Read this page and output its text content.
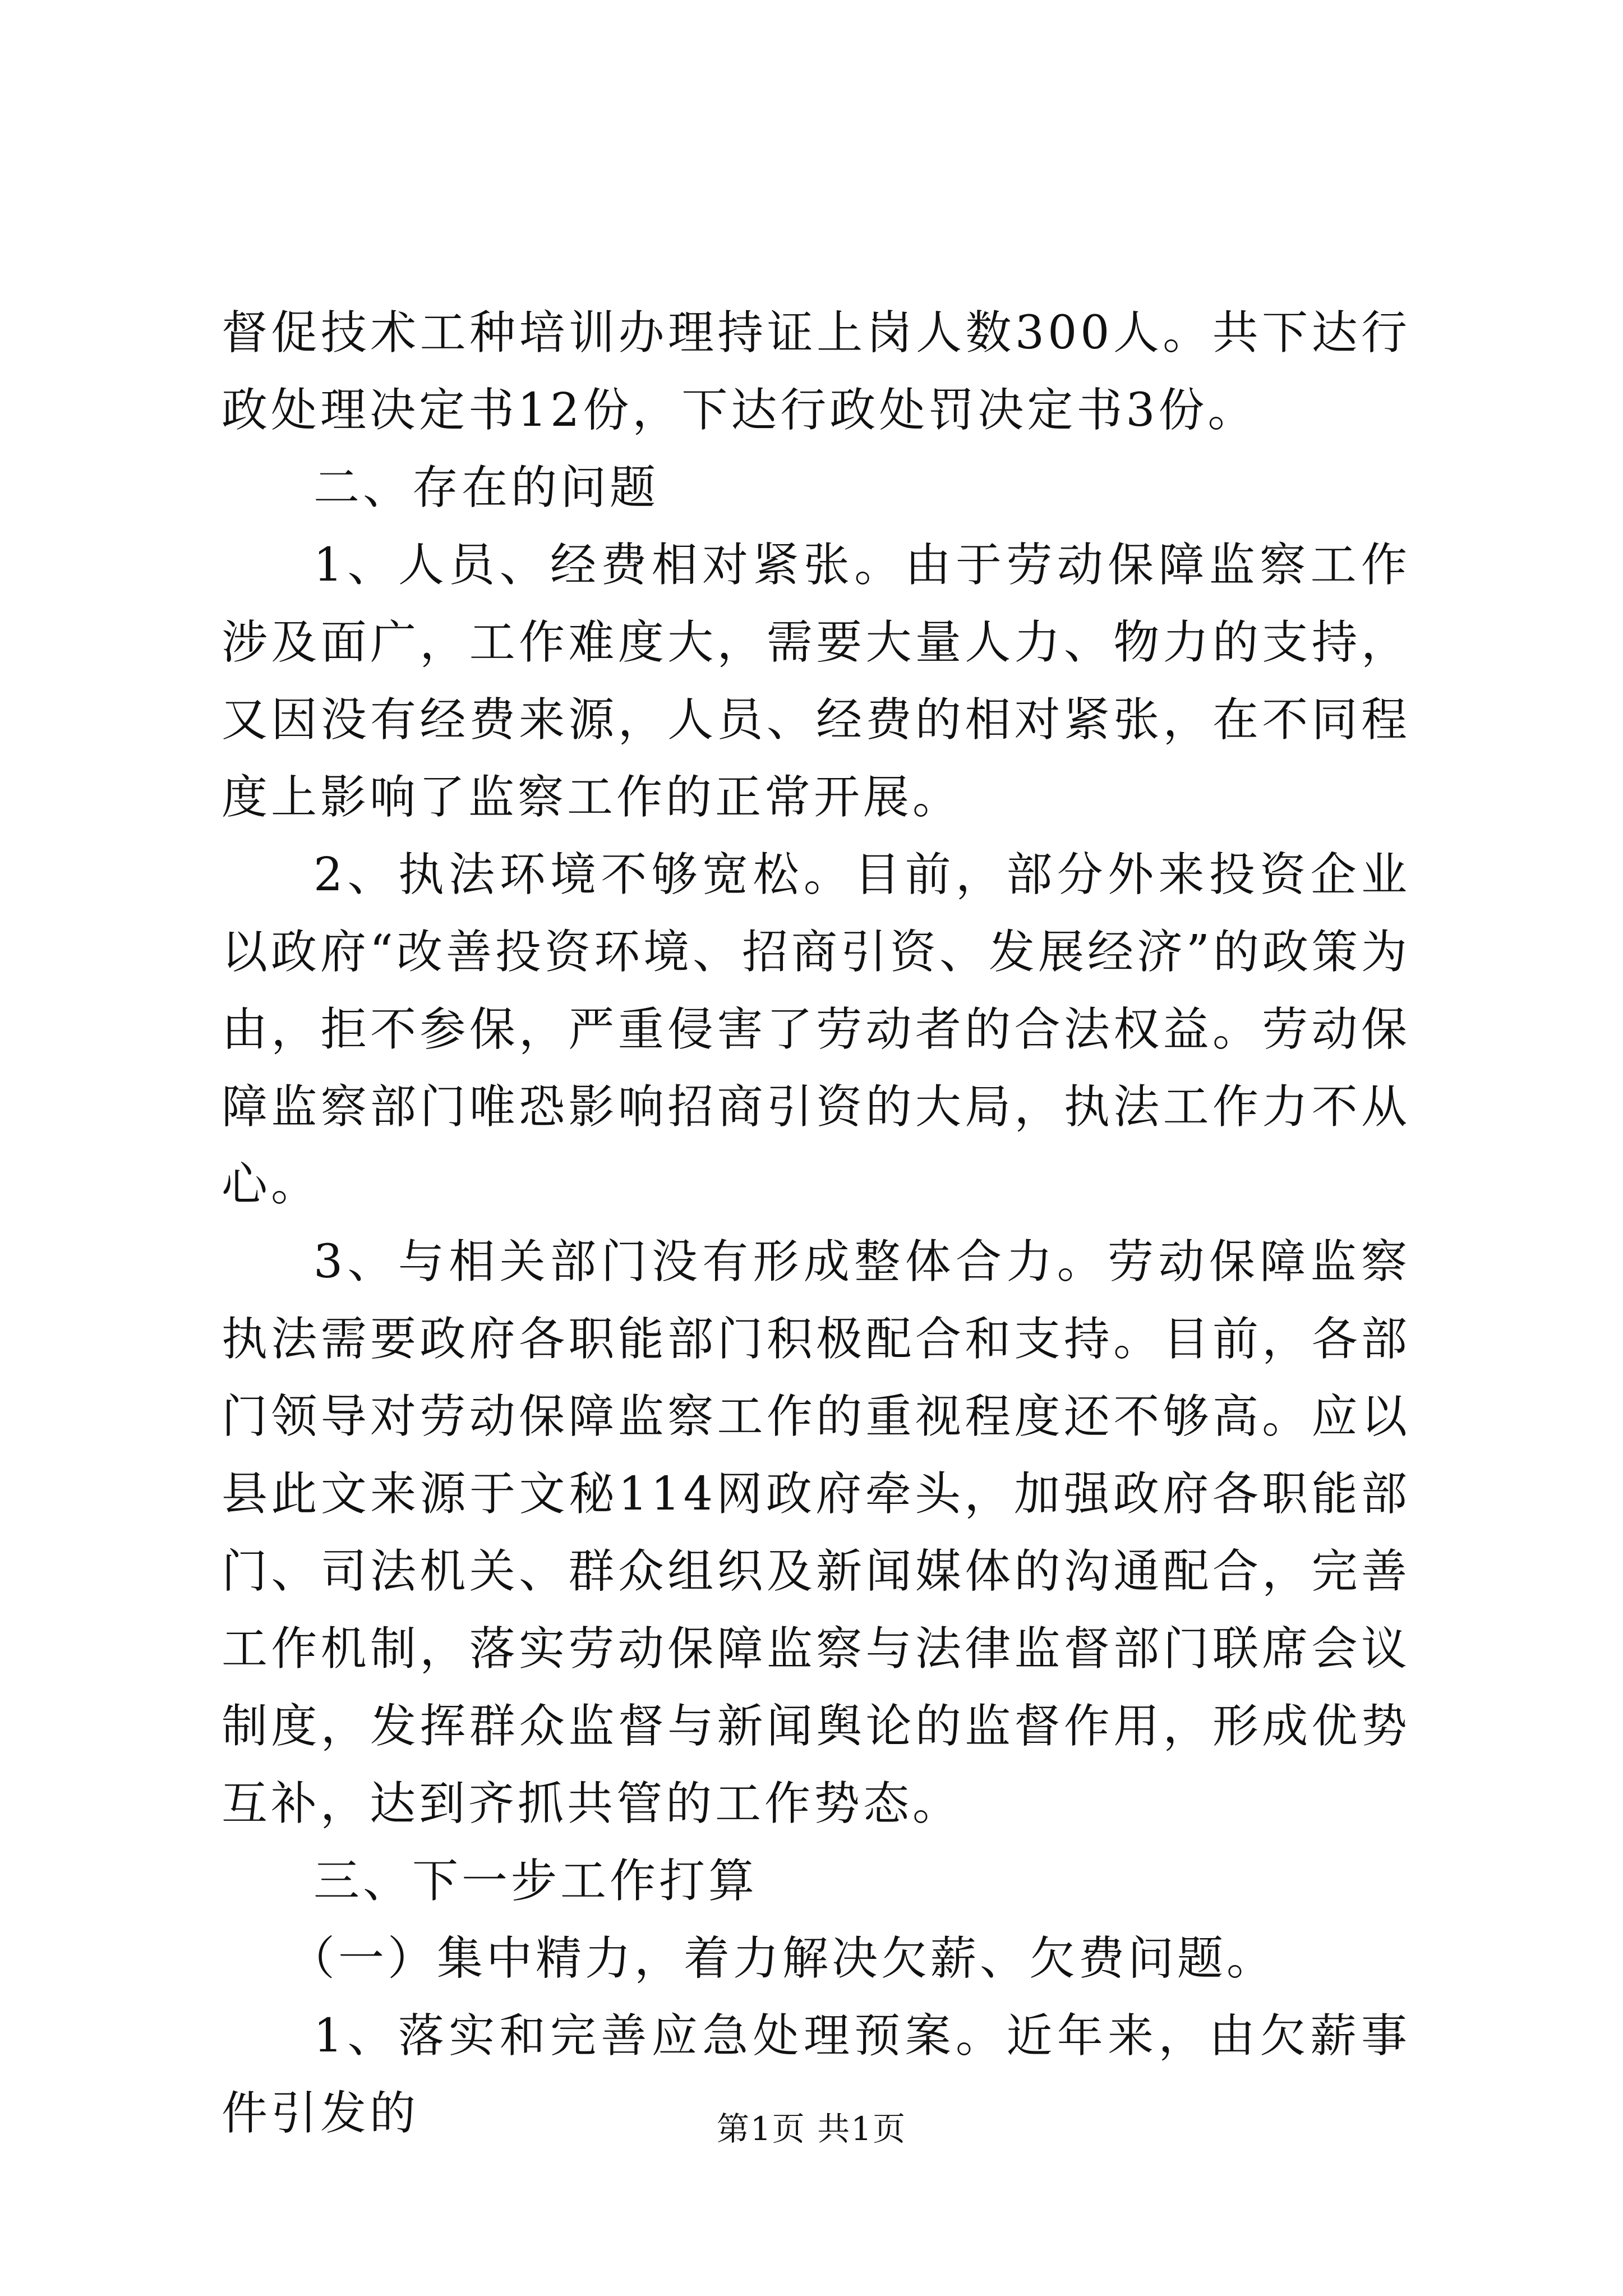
督促技术工种培训办理持证上岗人数300人。共下达行政处理决定书12份，下达行政处罚决定书3份。

二、存在的问题

1、人员、经费相对紧张。由于劳动保障监察工作涉及面广，工作难度大，需要大量人力、物力的支持，又因没有经费来源，人员、经费的相对紧张，在不同程度上影响了监察工作的正常开展。

2、执法环境不够宽松。目前，部分外来投资企业以政府“改善投资环境、招商引资、发展经济”的政策为由，拒不参保，严重侵害了劳动者的合法权益。劳动保障监察部门唯恐影响招商引资的大局，执法工作力不从心。

3、与相关部门没有形成整体合力。劳动保障监察执法需要政府各职能部门积极配合和支持。目前，各部门领导对劳动保障监察工作的重视程度还不够高。应以县此文来源于文秘114网政府牵头，加强政府各职能部门、司法机关、群众组织及新闻媒体的沟通配合，完善工作机制，落实劳动保障监察与法律监督部门联席会议制度，发挥群众监督与新闻舆论的监督作用，形成优势互补，达到齐抓共管的工作势态。

三、下一步工作打算

（一）集中精力，着力解决欠薪、欠费问题。

1、落实和完善应急处理预案。近年来，由欠薪事件引发的	第1页 共1页
